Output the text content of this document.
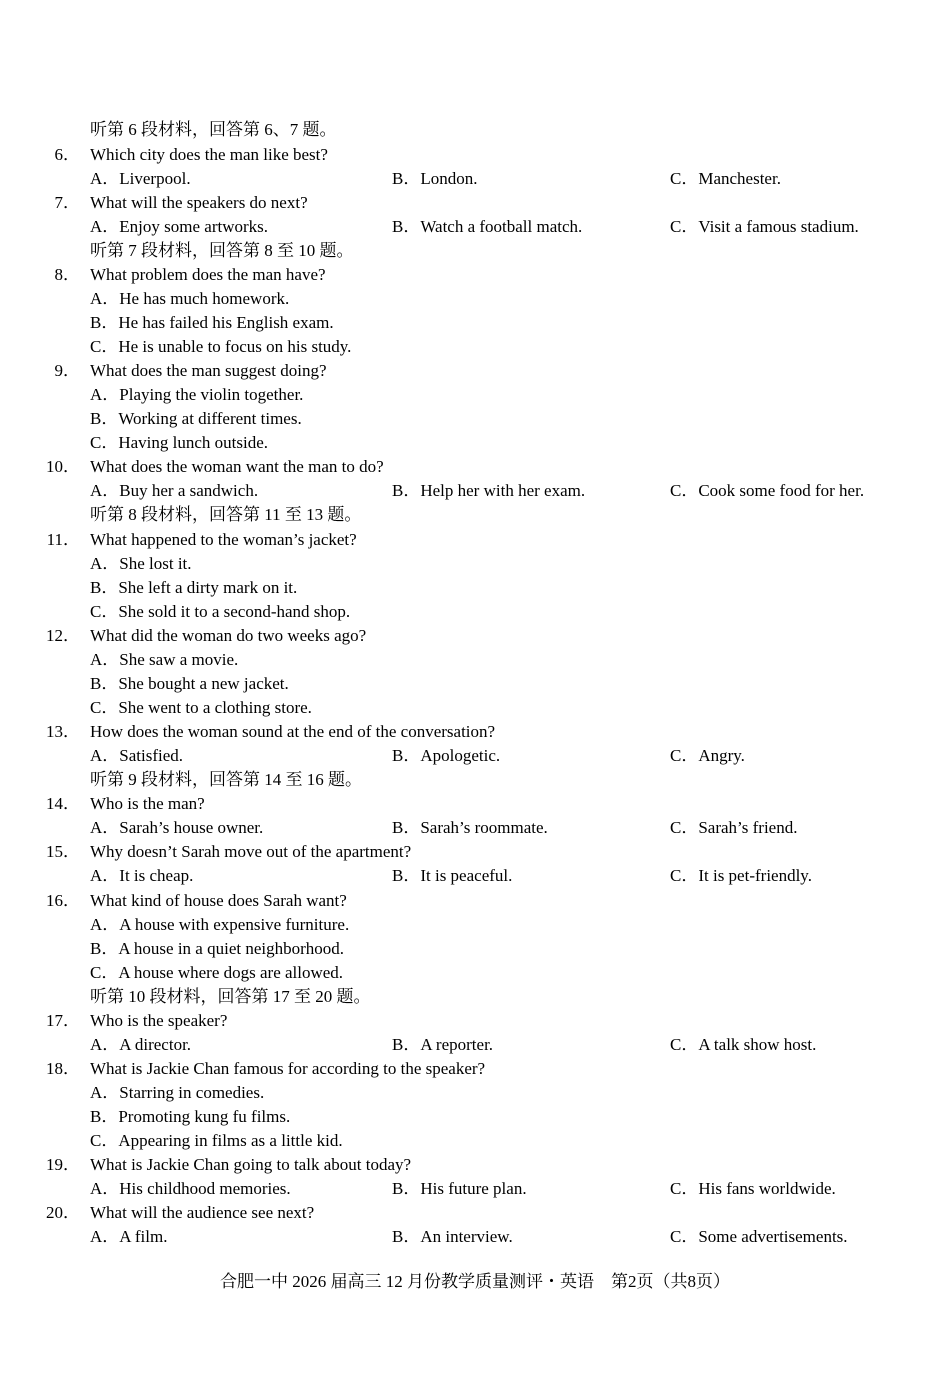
听第 6 段材料，回答第 6、7 题。
6． Which city does the man like best?
A．Liverpool.	B．London.	C．Manchester.
7． What will the speakers do next?
A．Enjoy some artworks.	B．Watch a football match.	C．Visit a famous stadium.
听第 7 段材料，回答第 8 至 10 题。
8． What problem does the man have?
A．He has much homework.
B．He has failed his English exam.
C．He is unable to focus on his study.
9． What does the man suggest doing?
A．Playing the violin together.
B．Working at different times.
C．Having lunch outside.
10． What does the woman want the man to do?
A．Buy her a sandwich.	B．Help her with her exam.	C．Cook some food for her.
听第 8 段材料，回答第 11 至 13 题。
11． What happened to the woman’s jacket?
A．She lost it.
B．She left a dirty mark on it.
C．She sold it to a second-hand shop.
12． What did the woman do two weeks ago?
A．She saw a movie.
B．She bought a new jacket.
C．She went to a clothing store.
13． How does the woman sound at the end of the conversation?
A．Satisfied.	B．Apologetic.	C．Angry.
听第 9 段材料，回答第 14 至 16 题。
14． Who is the man?
A．Sarah’s house owner.	B．Sarah’s roommate.	C．Sarah’s friend.
15． Why doesn’t Sarah move out of the apartment?
A．It is cheap.	B．It is peaceful.	C．It is pet-friendly.
16． What kind of house does Sarah want?
A．A house with expensive furniture.
B．A house in a quiet neighborhood.
C．A house where dogs are allowed.
听第 10 段材料，回答第 17 至 20 题。
17． Who is the speaker?
A．A director.	B．A reporter.	C．A talk show host.
18． What is Jackie Chan famous for according to the speaker?
A．Starring in comedies.
B．Promoting kung fu films.
C．Appearing in films as a little kid.
19． What is Jackie Chan going to talk about today?
A．His childhood memories.	B．His future plan.	C．His fans worldwide.
20． What will the audience see next?
A．A film.	B．An interview.	C．Some advertisements.
合肥一中 2026 届高三 12 月份教学质量测评・英语　第2页（共8页）
